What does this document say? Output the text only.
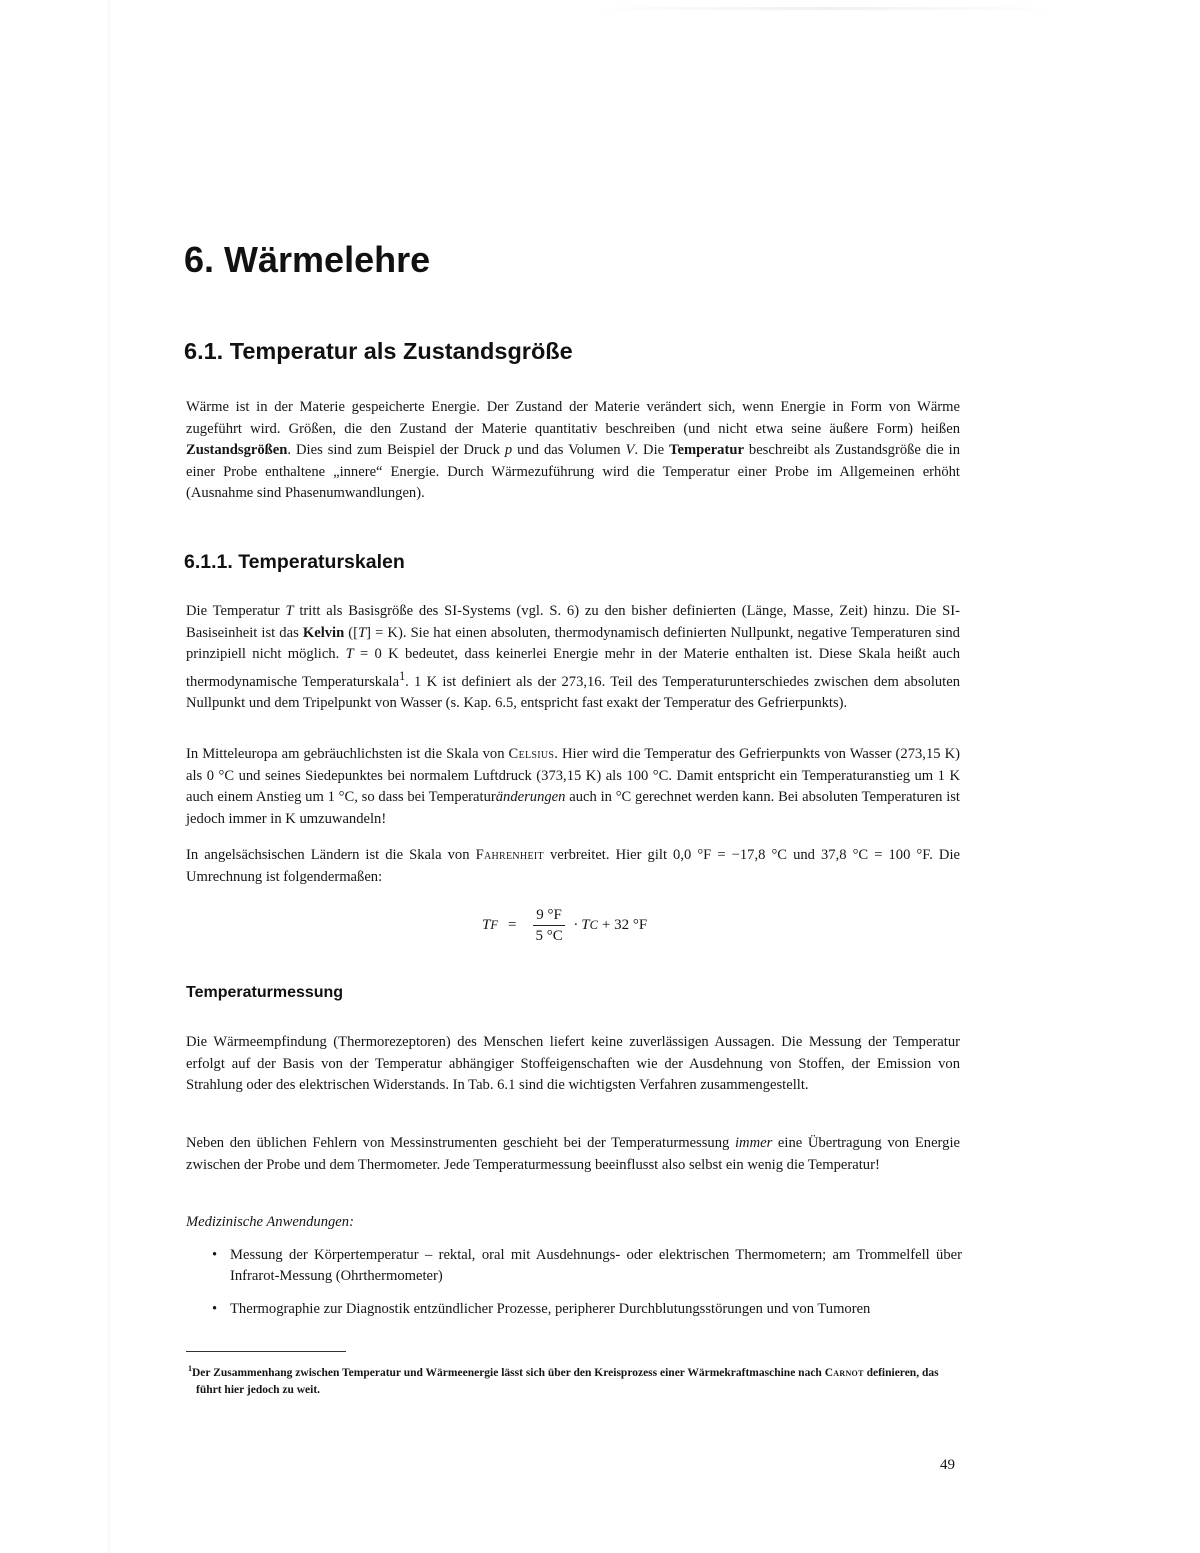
6. Wärmelehre
6.1. Temperatur als Zustandsgröße

Wärme ist in der Materie gespeicherte Energie. Der Zustand der Materie verändert sich, wenn Energie in Form von Wärme zugeführt wird. Größen, die den Zustand der Materie quantitativ beschreiben (und nicht etwa seine äußere Form) heißen Zustandsgrößen. Dies sind zum Beispiel der Druck p und das Volumen V. Die Temperatur beschreibt als Zustandsgröße die in einer Probe enthaltene „innere“ Energie. Durch Wärmezuführung wird die Temperatur einer Probe im Allgemeinen erhöht (Ausnahme sind Phasenumwandlungen).

6.1.1. Temperaturskalen

Die Temperatur T tritt als Basisgröße des SI-Systems (vgl. S. 6) zu den bisher definierten (Länge, Masse, Zeit) hinzu. Die SI-Basiseinheit ist das Kelvin ([T] = K). Sie hat einen absoluten, thermodynamisch definierten Nullpunkt, negative Temperaturen sind prinzipiell nicht möglich. T = 0 K bedeutet, dass keinerlei Energie mehr in der Materie enthalten ist. Diese Skala heißt auch thermodynamische Temperaturskala$^1$. 1 K ist definiert als der 273,16. Teil des Temperaturunterschiedes zwischen dem absoluten Nullpunkt und dem Tripelpunkt von Wasser (s. Kap. 6.5, entspricht fast exakt der Temperatur des Gefrierpunkts).

In Mitteleuropa am gebräuchlichsten ist die Skala von Celsius. Hier wird die Temperatur des Gefrierpunkts von Wasser (273,15 K) als 0 °C und seines Siedepunktes bei normalem Luftdruck (373,15 K) als 100 °C. Damit entspricht ein Temperaturanstieg um 1 K auch einem Anstieg um 1 °C, so dass bei Temperaturänderungen auch in °C gerechnet werden kann. Bei absoluten Temperaturen ist jedoch immer in K umzuwandeln!

In angelsächsischen Ländern ist die Skala von Fahrenheit verbreitet. Hier gilt 0,0 °F = −17,8 °C und 37,8 °C = 100 °F. Die Umrechnung ist folgendermaßen:

T $F = \frac{9 ^\circ F}{5 ^\circ C} \cdot T$ C + 32 °F
Temperaturmessung

Die Wärmeempfindung (Thermorezeptoren) des Menschen liefert keine zuverlässigen Aussagen. Die Messung der Temperatur erfolgt auf der Basis von der Temperatur abhängiger Stoffeigenschaften wie der Ausdehnung von Stoffen, der Emission von Strahlung oder des elektrischen Widerstands. In Tab. 6.1 sind die wichtigsten Verfahren zusammengestellt.

Neben den üblichen Fehlern von Messinstrumenten geschieht bei der Temperaturmessung immer eine Übertragung von Energie zwischen der Probe und dem Thermometer. Jede Temperaturmessung beeinflusst also selbst ein wenig die Temperatur!

Medizinische Anwendungen:

• Messung der Körpertemperatur – rektal, oral mit Ausdehnungs- oder elektrischen Thermometern; am Trommelfell über Infrarot-Messung (Ohrthermometer)
• Thermographie zur Diagnostik entzündlicher Prozesse, peripherer Durchblutungsstörungen und von Tumoren

$^1$Der Zusammenhang zwischen Temperatur und Wärmeenergie lässt sich über den Kreisprozess einer Wärmekraftmaschine nach Carnot definieren, das führt hier jedoch zu weit.

49
